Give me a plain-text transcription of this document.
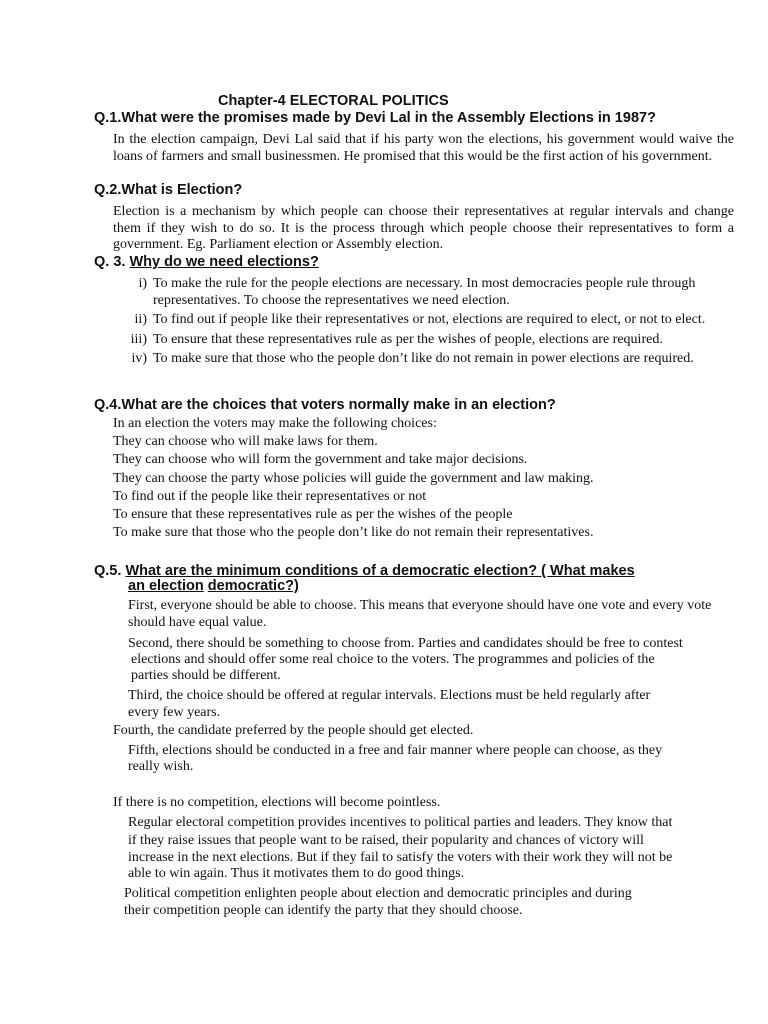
Chapter-4 ELECTORAL POLITICS
Q.1.What were the promises made by Devi Lal in the Assembly Elections in 1987?
In the election campaign, Devi Lal said that if his party won the elections, his government would waive the loans of farmers and small businessmen. He promised that this would be the first action of his government.
Q.2.What is Election?
Election is a mechanism by which people can choose their representatives at regular intervals and change them if they wish to do so. It is the process through which people choose their representatives to form a government. Eg. Parliament election or Assembly election.
Q. 3. Why do we need elections?
i) To make the rule for the people elections are necessary. In most democracies people rule through representatives. To choose the representatives we need election.
ii) To find out if people like their representatives or not, elections are required to elect, or not to elect.
iii) To ensure that these representatives rule as per the wishes of people, elections are required.
iv) To make sure that those who the people don’t like do not remain in power elections are required.
Q.4.What are the choices that voters normally make in an election?
In an election the voters may make the following choices:
They can choose who will make laws for them.
They can choose who will form the government and take major decisions.
They can choose the party whose policies will guide the government and law making.
To find out if the people like their representatives or not
To ensure that these representatives rule as per the wishes of the people
To make sure that those who the people don’t like do not remain their representatives.
Q.5. What are the minimum conditions of a democratic election? ( What makes
an election democratic?)
First, everyone should be able to choose. This means that everyone should have one vote and every vote should have equal value.
Second, there should be something to choose from. Parties and candidates should be free to contest
elections and should offer some real choice to the voters. The programmes and policies of the
parties should be different.
Third, the choice should be offered at regular intervals. Elections must be held regularly after
every few years.
Fourth, the candidate preferred by the people should get elected.
Fifth, elections should be conducted in a free and fair manner where people can choose, as they
really wish.
If there is no competition, elections will become pointless.
Regular electoral competition provides incentives to political parties and leaders. They know that
if they raise issues that people want to be raised, their popularity and chances of victory will
increase in the next elections. But if they fail to satisfy the voters with their work they will not be
able to win again. Thus it motivates them to do good things.
Political competition enlighten people about election and democratic principles and during
their competition people can identify the party that they should choose.
